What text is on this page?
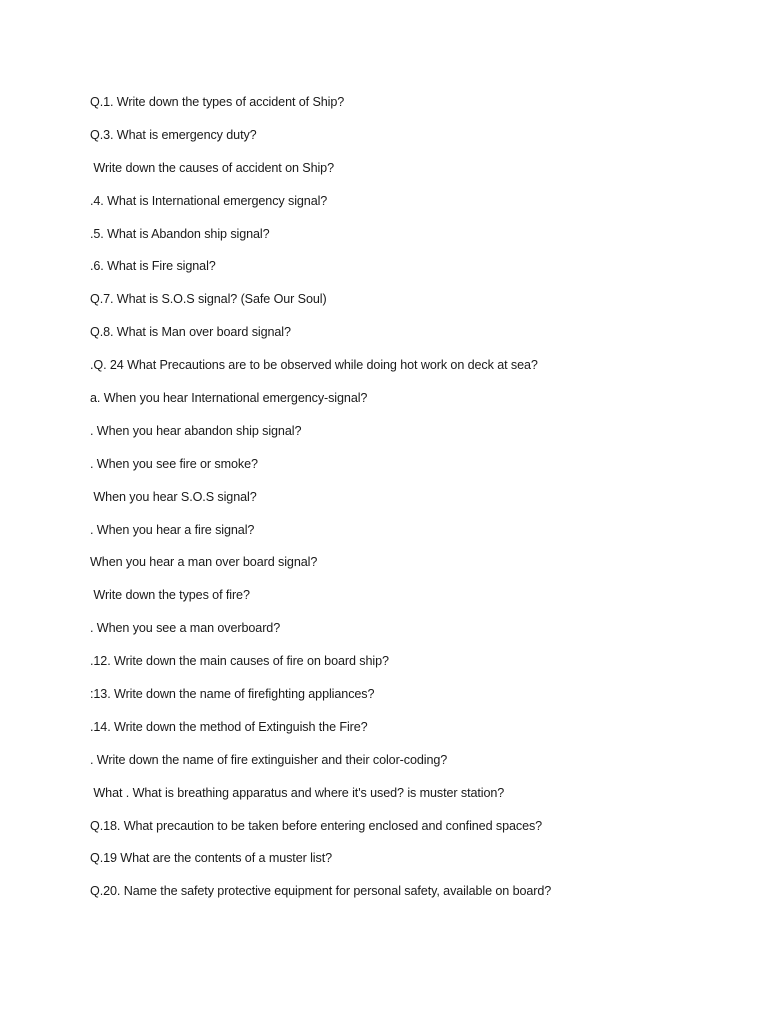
Q.1. Write down the types of accident of Ship?
Q.3. What is emergency duty?
Write down the causes of accident on Ship?
.4. What is International emergency signal?
.5. What is Abandon ship signal?
.6. What is Fire signal?
Q.7. What is S.O.S signal? (Safe Our Soul)
Q.8. What is Man over board signal?
.Q. 24 What Precautions are to be observed while doing hot work on deck at sea?
a. When you hear International emergency-signal?
. When you hear abandon ship signal?
. When you see fire or smoke?
When you hear S.O.S signal?
. When you hear a fire signal?
When you hear a man over board signal?
Write down the types of fire?
. When you see a man overboard?
.12. Write down the main causes of fire on board ship?
:13. Write down the name of firefighting appliances?
.14. Write down the method of Extinguish the Fire?
. Write down the name of fire extinguisher and their color-coding?
What . What is breathing apparatus and where it's used? is muster station?
Q.18. What precaution to be taken before entering enclosed and confined spaces?
Q.19 What are the contents of a muster list?
Q.20. Name the safety protective equipment for personal safety, available on board?
